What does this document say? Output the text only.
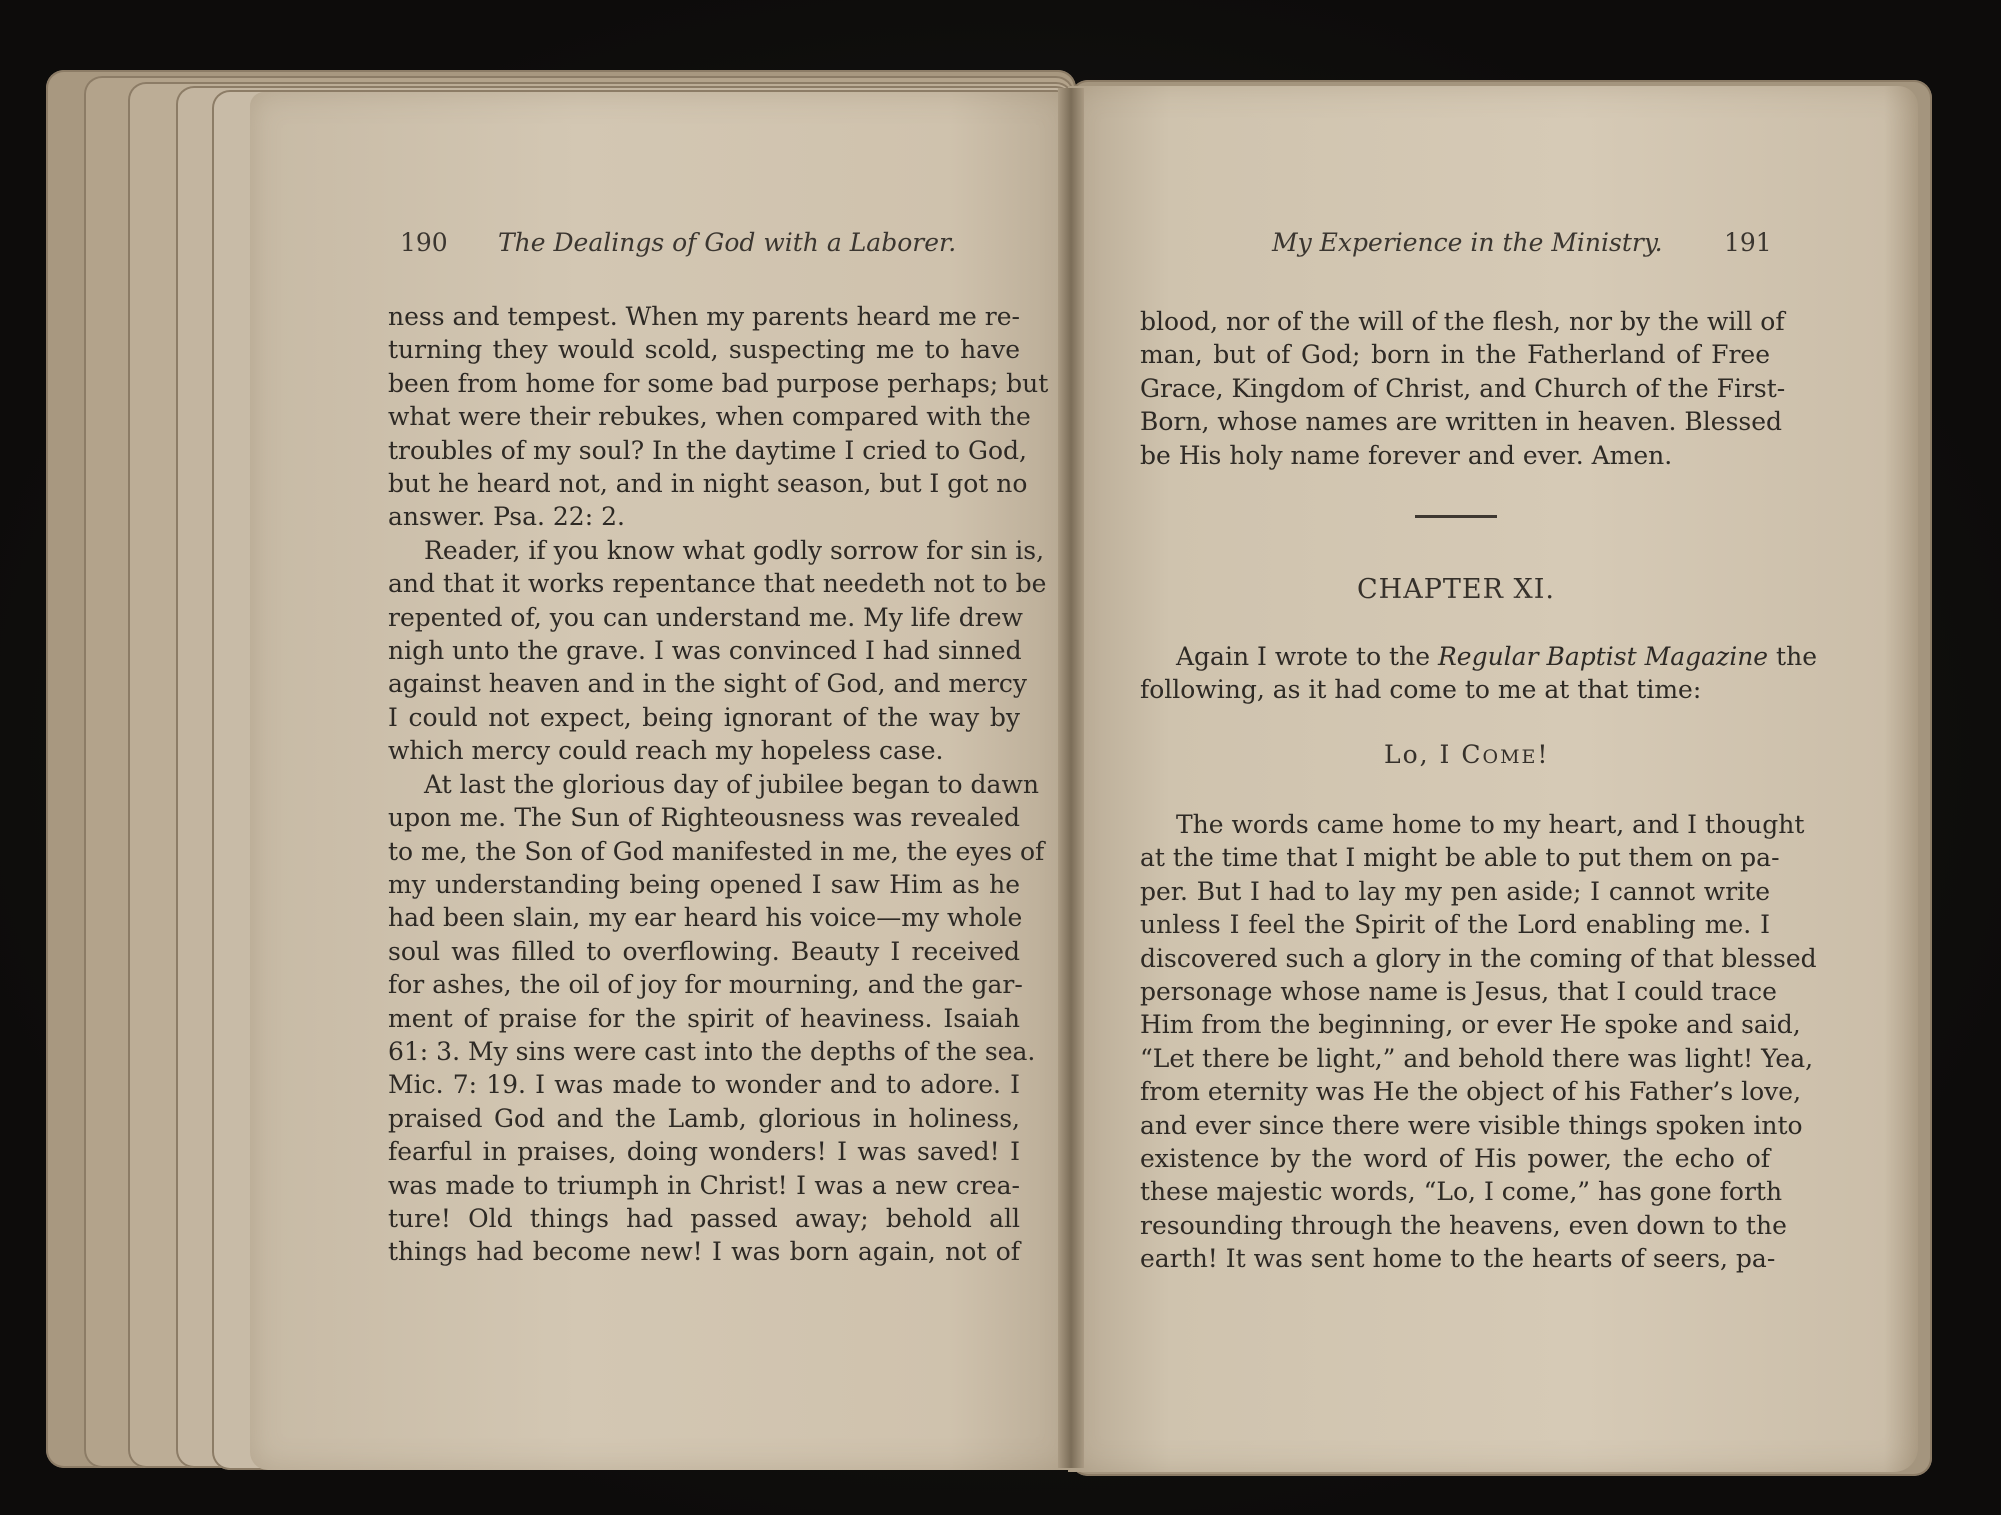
190 The Dealings of God with a Laborer.
ness and tempest. When my parents heard me re-
turning they would scold, suspecting me to have
been from home for some bad purpose perhaps; but
what were their rebukes, when compared with the
troubles of my soul? In the daytime I cried to God,
but he heard not, and in night season, but I got no
answer. Psa. 22: 2.
Reader, if you know what godly sorrow for sin is,
and that it works repentance that needeth not to be
repented of, you can understand me. My life drew
nigh unto the grave. I was convinced I had sinned
against heaven and in the sight of God, and mercy
I could not expect, being ignorant of the way by
which mercy could reach my hopeless case.
At last the glorious day of jubilee began to dawn
upon me. The Sun of Righteousness was revealed
to me, the Son of God manifested in me, the eyes of
my understanding being opened I saw Him as he
had been slain, my ear heard his voice—my whole
soul was filled to overflowing. Beauty I received
for ashes, the oil of joy for mourning, and the gar-
ment of praise for the spirit of heaviness. Isaiah
61: 3. My sins were cast into the depths of the sea.
Mic. 7: 19. I was made to wonder and to adore. I
praised God and the Lamb, glorious in holiness,
fearful in praises, doing wonders! I was saved! I
was made to triumph in Christ! I was a new crea-
ture! Old things had passed away; behold all
things had become new! I was born again, not of
My Experience in the Ministry. 191
blood, nor of the will of the flesh, nor by the will of
man, but of God; born in the Fatherland of Free
Grace, Kingdom of Christ, and Church of the First-
Born, whose names are written in heaven. Blessed
be His holy name forever and ever. Amen.
CHAPTER XI.
Again I wrote to the Regular Baptist Magazine the
following, as it had come to me at that time:
Lo, I COME!
The words came home to my heart, and I thought
at the time that I might be able to put them on pa-
per. But I had to lay my pen aside; I cannot write
unless I feel the Spirit of the Lord enabling me. I
discovered such a glory in the coming of that blessed
personage whose name is Jesus, that I could trace
Him from the beginning, or ever He spoke and said,
“Let there be light,” and behold there was light! Yea,
from eternity was He the object of his Father’s love,
and ever since there were visible things spoken into
existence by the word of His power, the echo of
these majestic words, “Lo, I come,” has gone forth
resounding through the heavens, even down to the
earth! It was sent home to the hearts of seers, pa-
